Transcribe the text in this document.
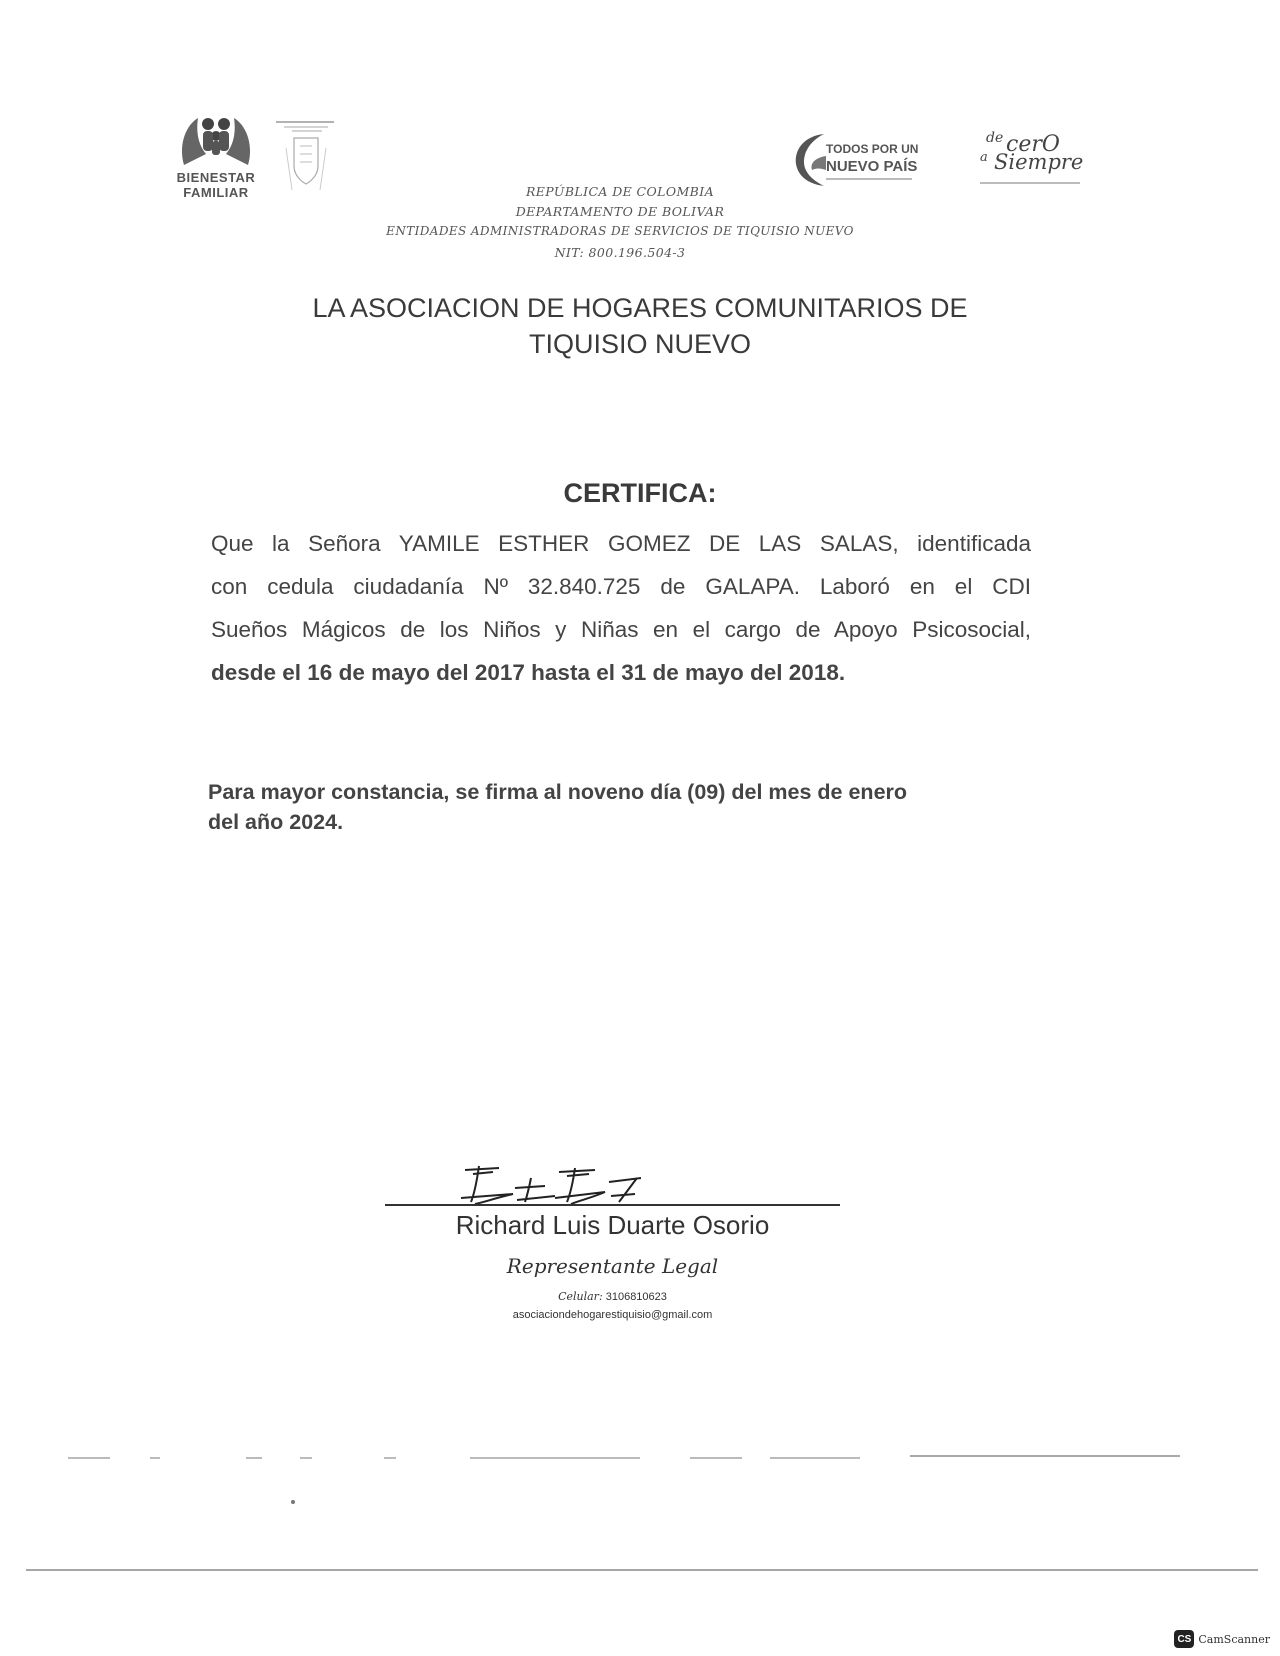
BIENESTAR
FAMILIAR
TODOS POR UN
NUEVO PAÍS
de cerO
a Siempre
REPÚBLICA DE COLOMBIA
DEPARTAMENTO DE BOLIVAR
ENTIDADES ADMINISTRADORAS DE SERVICIOS DE TIQUISIO NUEVO
NIT: 800.196.504-3
LA ASOCIACION DE HOGARES COMUNITARIOS DE
TIQUISIO NUEVO
CERTIFICA:
Que la Señora YAMILE ESTHER GOMEZ DE LAS SALAS, identificada
con cedula ciudadanía Nº 32.840.725 de GALAPA. Laboró en el CDI
Sueños Mágicos de los Niños y Niñas en el cargo de Apoyo Psicosocial,
desde el 16 de mayo del 2017 hasta el 31 de mayo del 2018.
Para mayor constancia, se firma al noveno día (09) del mes de enero
del año 2024.
Richard Luis Duarte Osorio
Representante Legal
Celular: 3106810623
asociaciondehogarestiquisio@gmail.com
CS CamScanner
